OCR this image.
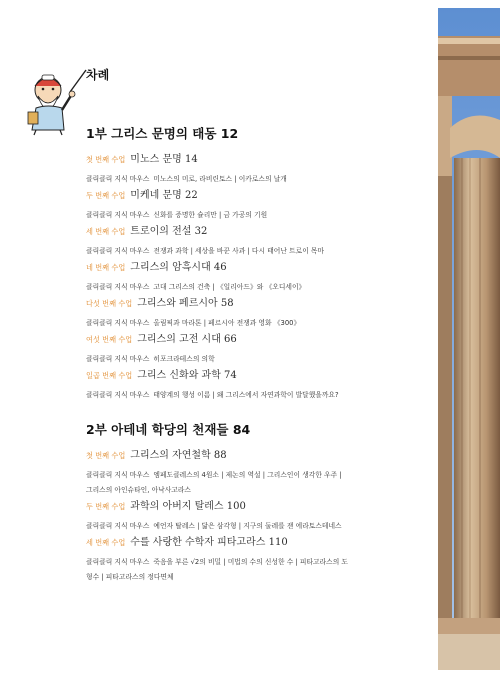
차례
1부 그리스 문명의 태동 12
첫 번째 수업 미노스 문명 14
클릭클릭 지식 마우스 미노스의 미로, 라비린토스 | 이카로스의 날개
두 번째 수업 미케네 문명 22
클릭클릭 지식 마우스 신화를 증명한 슐리만 | 금 가공의 기원
세 번째 수업 트로이의 전설 32
클릭클릭 지식 마우스 전쟁과 과학 | 세상을 바꾼 사과 | 다시 태어난 트로이 목마
네 번째 수업 그리스의 암흑시대 46
클릭클릭 지식 마우스 고대 그리스의 건축 | 《일리아드》와 《오디세이》
다섯 번째 수업 그리스와 페르시아 58
클릭클릭 지식 마우스 올림픽과 마라톤 | 페르시아 전쟁과 영화 《300》
여섯 번째 수업 그리스의 고전 시대 66
클릭클릭 지식 마우스 히포크라테스의 의학
일곱 번째 수업 그리스 신화와 과학 74
클릭클릭 지식 마우스 태양계의 행성 이름 | 왜 그리스에서 자연과학이 발달했을까요?
2부 아테네 학당의 천재들 84
첫 번째 수업 그리스의 자연철학 88
클릭클릭 지식 마우스 엠페도클레스의 4원소 | 제논의 역설 | 그리스인이 생각한 우주 |
그리스의 아인슈타인, 아낙사고라스
두 번째 수업 과학의 아버지 탈레스 100
클릭클릭 지식 마우스 예언자 탈레스 | 닮은 삼각형 | 지구의 둘레를 잰 에라토스테네스
세 번째 수업 수를 사랑한 수학자 피타고라스 110
클릭클릭 지식 마우스 죽음을 부른 √2의 비밀 | 미법의 수의 신성한 수 | 피타고라스의 도
형수 | 피타고라스의 정다면체
